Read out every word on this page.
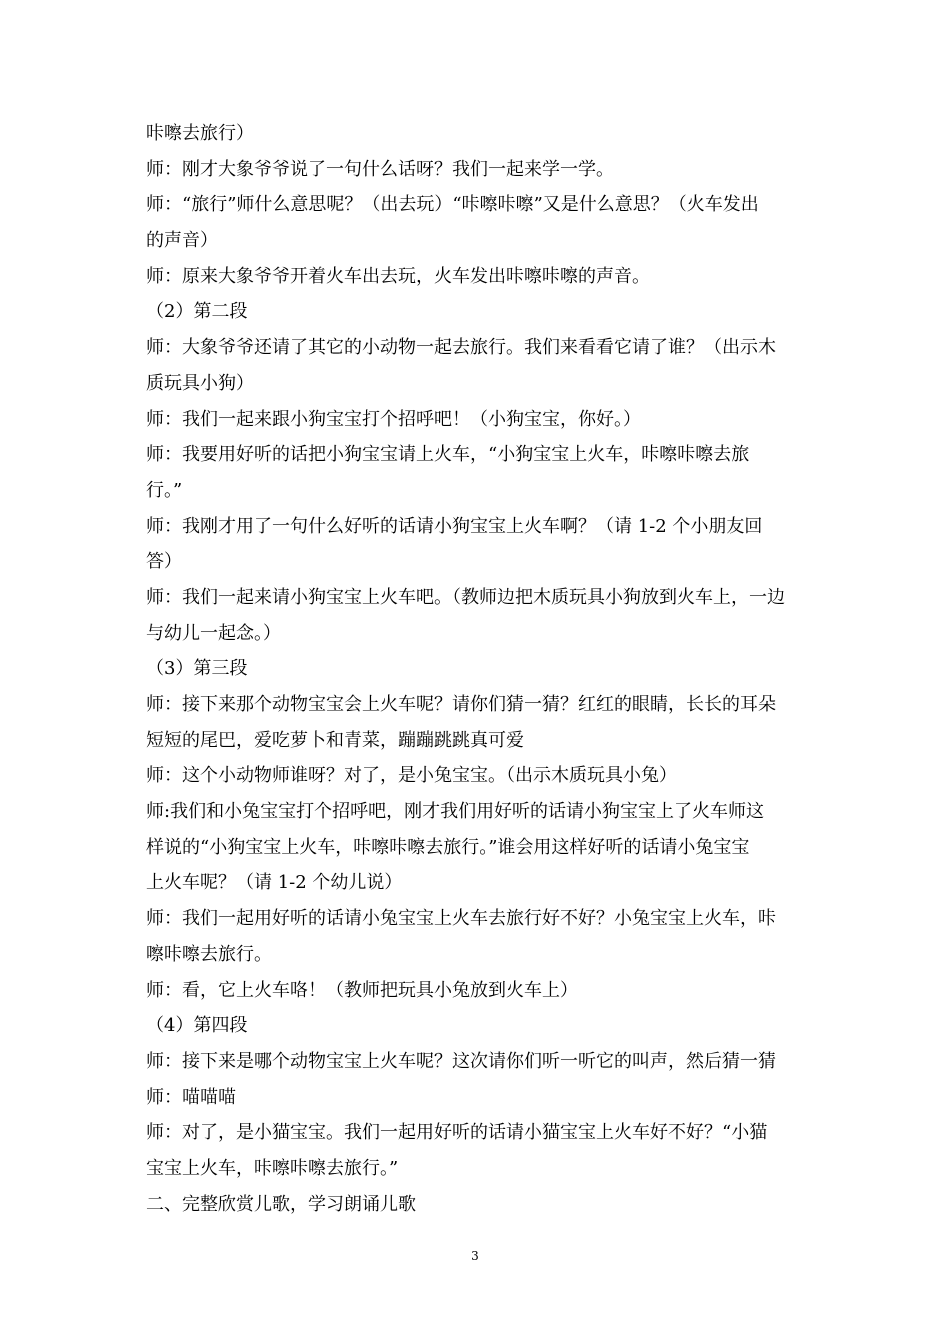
咔嚓去旅行）
师：刚才大象爷爷说了一句什么话呀？我们一起来学一学。
师：“旅行”师什么意思呢？（出去玩）“咔嚓咔嚓”又是什么意思？（火车发出
的声音）
师：原来大象爷爷开着火车出去玩，火车发出咔嚓咔嚓的声音。
（2）第二段
师：大象爷爷还请了其它的小动物一起去旅行。我们来看看它请了谁？（出示木
质玩具小狗）
师：我们一起来跟小狗宝宝打个招呼吧！（小狗宝宝，你好。）
师：我要用好听的话把小狗宝宝请上火车，“小狗宝宝上火车，咔嚓咔嚓去旅
行。”
师：我刚才用了一句什么好听的话请小狗宝宝上火车啊？（请 1-2 个小朋友回
答）
师：我们一起来请小狗宝宝上火车吧。（教师边把木质玩具小狗放到火车上，一边
与幼儿一起念。）
（3）第三段
师：接下来那个动物宝宝会上火车呢？请你们猜一猜？红红的眼睛，长长的耳朵
短短的尾巴，爱吃萝卜和青菜，蹦蹦跳跳真可爱
师：这个小动物师谁呀？对了，是小兔宝宝。（出示木质玩具小兔）
师:我们和小兔宝宝打个招呼吧，刚才我们用好听的话请小狗宝宝上了火车师这
样说的“小狗宝宝上火车，咔嚓咔嚓去旅行。”谁会用这样好听的话请小兔宝宝
上火车呢？（请 1-2 个幼儿说）
师：我们一起用好听的话请小兔宝宝上火车去旅行好不好？小兔宝宝上火车，咔
嚓咔嚓去旅行。
师：看，它上火车咯！（教师把玩具小兔放到火车上）
（4）第四段
师：接下来是哪个动物宝宝上火车呢？这次请你们听一听它的叫声，然后猜一猜
师：喵喵喵
师：对了，是小猫宝宝。我们一起用好听的话请小猫宝宝上火车好不好？“小猫
宝宝上火车，咔嚓咔嚓去旅行。”
二、完整欣赏儿歌，学习朗诵儿歌
3
